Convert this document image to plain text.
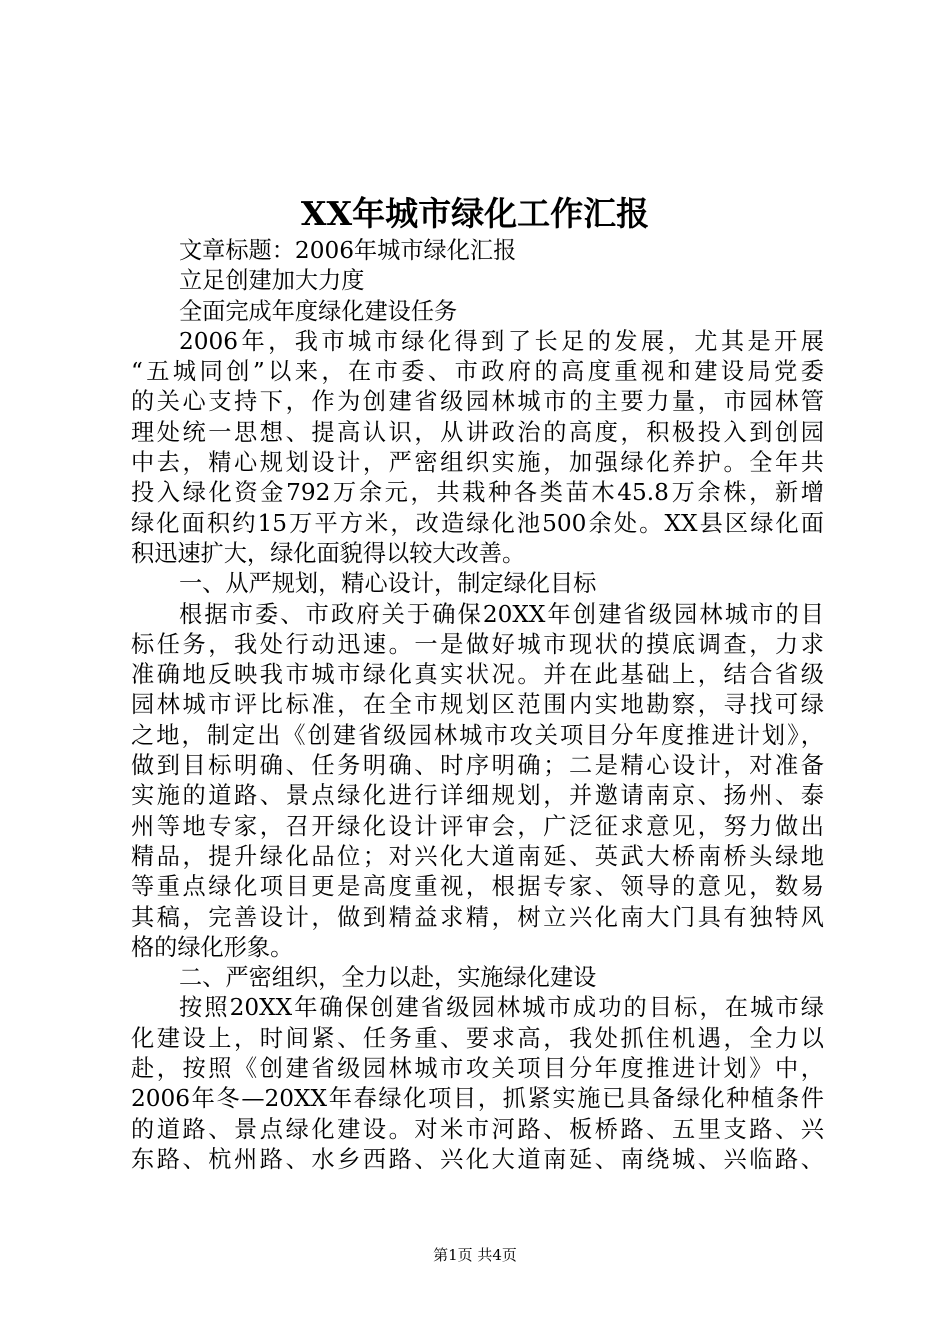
XX年城市绿化工作汇报
文章标题：2006年城市绿化汇报
立足创建加大力度
全面完成年度绿化建设任务
2006年，我市城市绿化得到了长足的发展，尤其是开展
“五城同创”以来，在市委、市政府的高度重视和建设局党委
的关心支持下，作为创建省级园林城市的主要力量，市园林管
理处统一思想、提高认识，从讲政治的高度，积极投入到创园
中去，精心规划设计，严密组织实施，加强绿化养护。全年共
投入绿化资金792万余元，共栽种各类苗木45.8万余株，新增
绿化面积约15万平方米，改造绿化池500余处。XX县区绿化面
积迅速扩大，绿化面貌得以较大改善。
一、从严规划，精心设计，制定绿化目标
根据市委、市政府关于确保20XX年创建省级园林城市的目
标任务，我处行动迅速。一是做好城市现状的摸底调查，力求
准确地反映我市城市绿化真实状况。并在此基础上，结合省级
园林城市评比标准，在全市规划区范围内实地勘察，寻找可绿
之地，制定出《创建省级园林城市攻关项目分年度推进计划》，
做到目标明确、任务明确、时序明确；二是精心设计，对准备
实施的道路、景点绿化进行详细规划，并邀请南京、扬州、泰
州等地专家，召开绿化设计评审会，广泛征求意见，努力做出
精品，提升绿化品位；对兴化大道南延、英武大桥南桥头绿地
等重点绿化项目更是高度重视，根据专家、领导的意见，数易
其稿，完善设计，做到精益求精，树立兴化南大门具有独特风
格的绿化形象。
二、严密组织，全力以赴，实施绿化建设
按照20XX年确保创建省级园林城市成功的目标，在城市绿
化建设上，时间紧、任务重、要求高，我处抓住机遇，全力以
赴，按照《创建省级园林城市攻关项目分年度推进计划》中，
2006年冬—20XX年春绿化项目，抓紧实施已具备绿化种植条件
的道路、景点绿化建设。对米市河路、板桥路、五里支路、兴
东路、杭州路、水乡西路、兴化大道南延、南绕城、兴临路、
第1页 共4页
